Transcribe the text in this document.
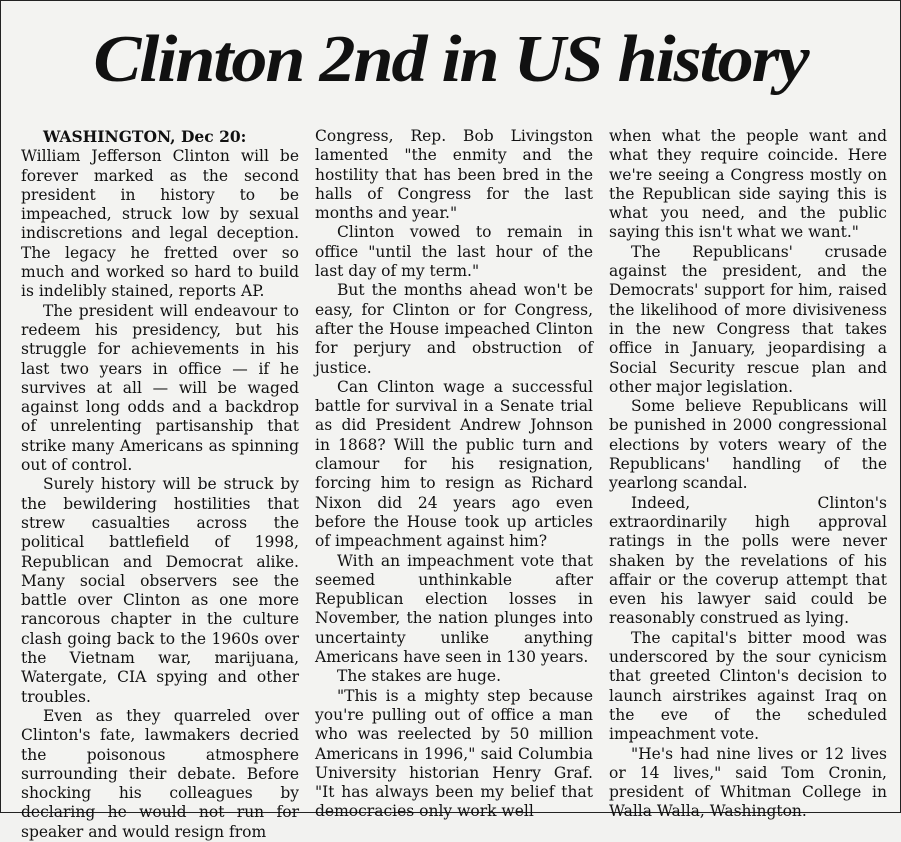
Clinton 2nd in US history

WASHINGTON, Dec 20:

William Jefferson Clinton will be forever marked as the second president in history to be impeached, struck low by sexual indiscretions and legal deception. The legacy he fretted over so much and worked so hard to build is indelibly stained, reports AP.

The president will endeavour to redeem his presidency, but his struggle for achievements in his last two years in office — if he survives at all — will be waged against long odds and a backdrop of unrelenting partisanship that strike many Americans as spinning out of control.

Surely history will be struck by the bewildering hostilities that strew casualties across the political battlefield of 1998, Republican and Democrat alike. Many social observers see the battle over Clinton as one more rancorous chapter in the culture clash going back to the 1960s over the Vietnam war, marijuana, Watergate, CIA spying and other troubles.

Even as they quarreled over Clinton's fate, lawmakers decried the poisonous atmosphere surrounding their debate. Before shocking his colleagues by declaring he would not run for speaker and would resign from

Congress, Rep. Bob Livingston lamented "the enmity and the hostility that has been bred in the halls of Congress for the last months and year."

Clinton vowed to remain in office "until the last hour of the last day of my term."

But the months ahead won't be easy, for Clinton or for Congress, after the House impeached Clinton for perjury and obstruction of justice.

Can Clinton wage a successful battle for survival in a Senate trial as did President Andrew Johnson in 1868? Will the public turn and clamour for his resignation, forcing him to resign as Richard Nixon did 24 years ago even before the House took up articles of impeachment against him?

With an impeachment vote that seemed unthinkable after Republican election losses in November, the nation plunges into uncertainty unlike anything Americans have seen in 130 years.

The stakes are huge.

"This is a mighty step because you're pulling out of office a man who was reelected by 50 million Americans in 1996," said Columbia University historian Henry Graf. "It has always been my belief that democracies only work well

when what the people want and what they require coincide. Here we're seeing a Congress mostly on the Republican side saying this is what you need, and the public saying this isn't what we want."

The Republicans' crusade against the president, and the Democrats' support for him, raised the likelihood of more divisiveness in the new Congress that takes office in January, jeopardising a Social Security rescue plan and other major legislation.

Some believe Republicans will be punished in 2000 congressional elections by voters weary of the Republicans' handling of the yearlong scandal.

Indeed, Clinton's extraordinarily high approval ratings in the polls were never shaken by the revelations of his affair or the coverup attempt that even his lawyer said could be reasonably construed as lying.

The capital's bitter mood was underscored by the sour cynicism that greeted Clinton's decision to launch airstrikes against Iraq on the eve of the scheduled impeachment vote.

"He's had nine lives or 12 lives or 14 lives," said Tom Cronin, president of Whitman College in Walla Walla, Washington.
